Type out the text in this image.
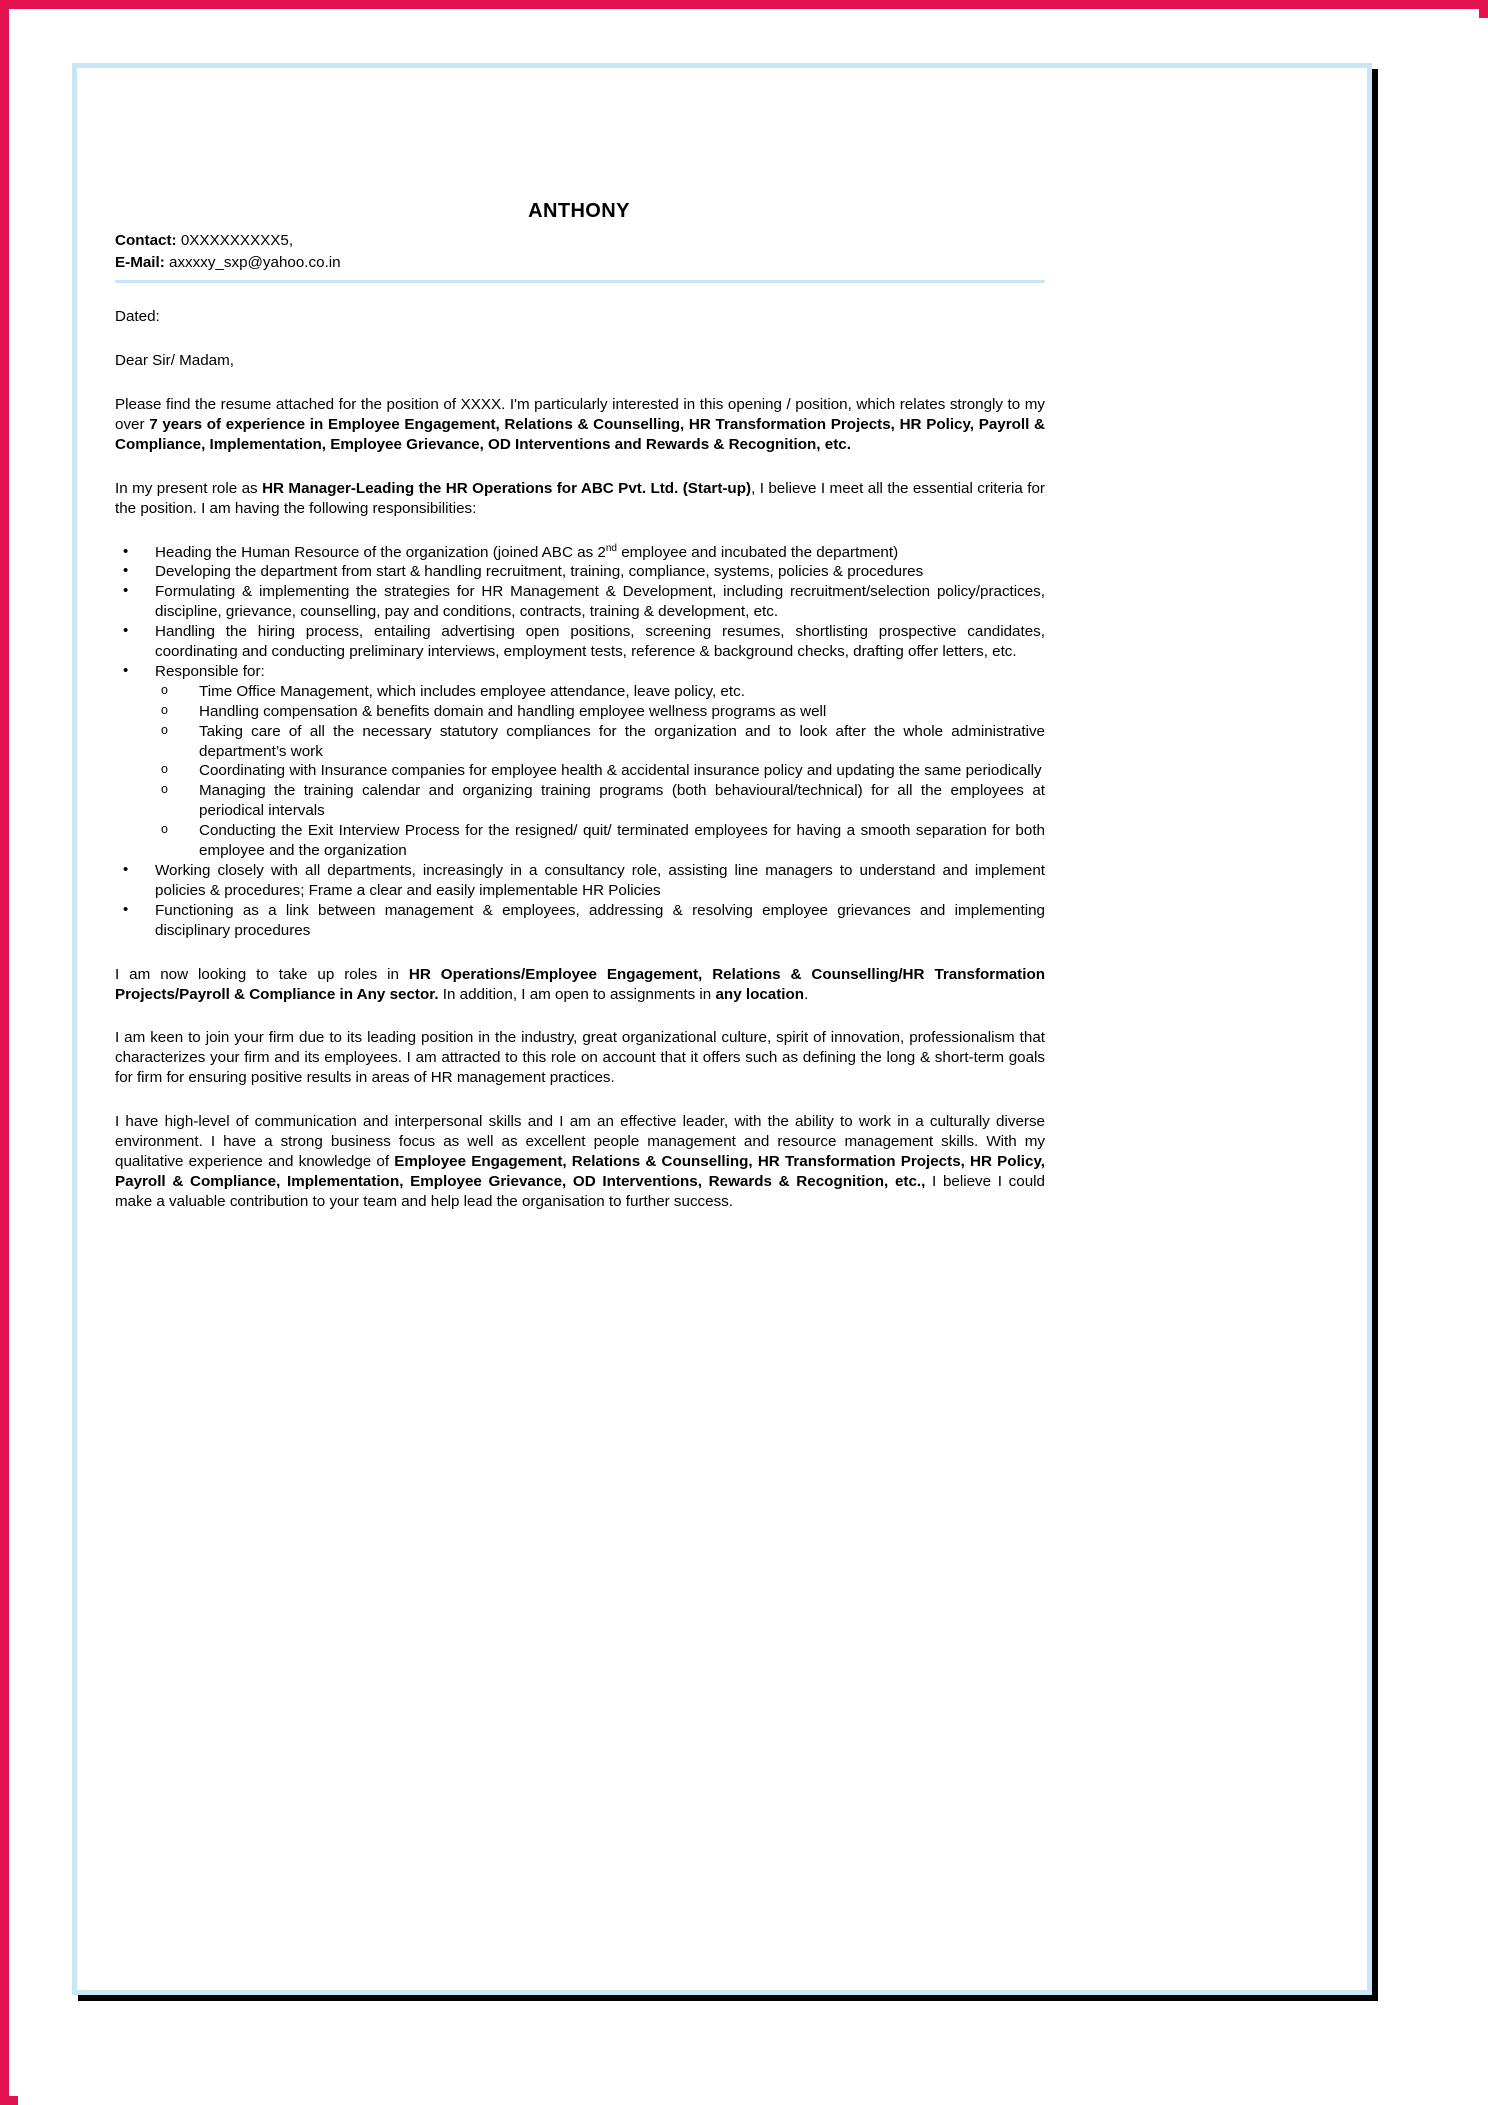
ANTHONY
Contact: 0XXXXXXXXX5,
E-Mail: axxxxy_sxp@yahoo.co.in
Dated:
Dear Sir/ Madam,
Please find the resume attached for the position of XXXX. I'm particularly interested in this opening / position, which relates strongly to my over 7 years of experience in Employee Engagement, Relations & Counselling, HR Transformation Projects, HR Policy, Payroll & Compliance, Implementation, Employee Grievance, OD Interventions and Rewards & Recognition, etc.
In my present role as HR Manager-Leading the HR Operations for ABC Pvt. Ltd. (Start-up), I believe I meet all the essential criteria for the position. I am having the following responsibilities:
• Heading the Human Resource of the organization (joined ABC as 2nd employee and incubated the department)
• Developing the department from start & handling recruitment, training, compliance, systems, policies & procedures
• Formulating & implementing the strategies for HR Management & Development, including recruitment/selection policy/practices, discipline, grievance, counselling, pay and conditions, contracts, training & development, etc.
• Handling the hiring process, entailing advertising open positions, screening resumes, shortlisting prospective candidates, coordinating and conducting preliminary interviews, employment tests, reference & background checks, drafting offer letters, etc.
• Responsible for:
o Time Office Management, which includes employee attendance, leave policy, etc.
o Handling compensation & benefits domain and handling employee wellness programs as well
o Taking care of all the necessary statutory compliances for the organization and to look after the whole administrative department’s work
o Coordinating with Insurance companies for employee health & accidental insurance policy and updating the same periodically
o Managing the training calendar and organizing training programs (both behavioural/technical) for all the employees at periodical intervals
o Conducting the Exit Interview Process for the resigned/ quit/ terminated employees for having a smooth separation for both employee and the organization
• Working closely with all departments, increasingly in a consultancy role, assisting line managers to understand and implement policies & procedures; Frame a clear and easily implementable HR Policies
• Functioning as a link between management & employees, addressing & resolving employee grievances and implementing disciplinary procedures
I am now looking to take up roles in HR Operations/Employee Engagement, Relations & Counselling/HR Transformation Projects/Payroll & Compliance in Any sector. In addition, I am open to assignments in any location.
I am keen to join your firm due to its leading position in the industry, great organizational culture, spirit of innovation, professionalism that characterizes your firm and its employees. I am attracted to this role on account that it offers such as defining the long & short-term goals for firm for ensuring positive results in areas of HR management practices.
I have high-level of communication and interpersonal skills and I am an effective leader, with the ability to work in a culturally diverse environment. I have a strong business focus as well as excellent people management and resource management skills. With my qualitative experience and knowledge of Employee Engagement, Relations & Counselling, HR Transformation Projects, HR Policy, Payroll & Compliance, Implementation, Employee Grievance, OD Interventions, Rewards & Recognition, etc., I believe I could make a valuable contribution to your team and help lead the organisation to further success.
